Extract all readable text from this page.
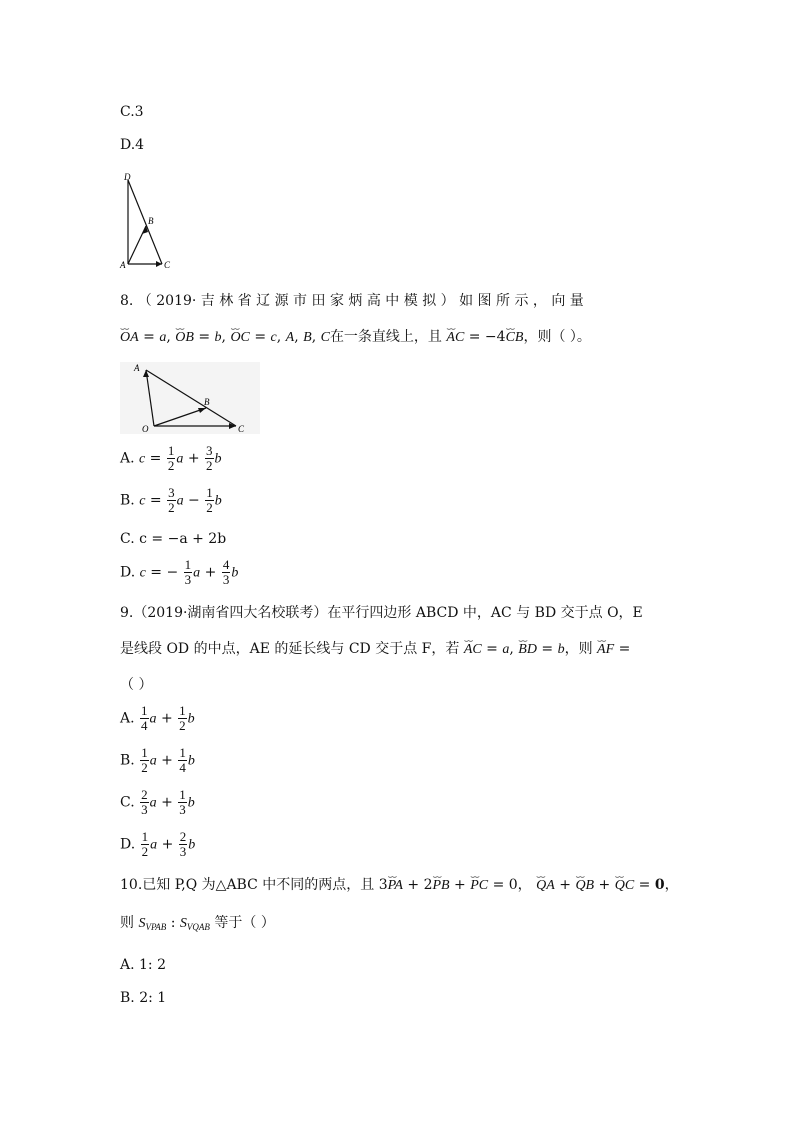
C.3
D.4
D
B
A	C
8. （ 2019· 吉 林 省 辽 源 市 田 家 炳 高 中 模 拟 ） 如 图 所 示 ， 向 量
⌣⌣ OA = a, ⌣⌣ OB = b, ⌣⌣ OC = c, A, B, C在一条直线上，且 ⌣⌣ AC = −4⌣⌣ CB，则（ ）。
A
B
O	C
A. $c = \frac{1}{2}$ $a + \frac{3}{2}$ b
B. $c = \frac{3}{2}$ $a - \frac{1}{2}$ b
C. c = −a + 2b
D. c = − $\frac{1}{3}$ $a + \frac{4}{3}$ b
9.（2019·湖南省四大名校联考）在平行四边形 ABCD 中，AC 与 BD 交于点 O，E
是线段 OD 的中点，AE 的延长线与 CD 交于点 F，若 ⌣⌣ AC = a, ⌣⌣ BD = b，则 ⌣⌣ AF =
（ ）
A. $\frac{1}{4}$ $a + \frac{1}{2}$ b
B. $\frac{1}{2}$ $a + \frac{1}{4}$ b
C. $\frac{2}{3}$ $a + \frac{1}{3}$ b
D. $\frac{1}{2}$ $a + \frac{2}{3}$ b
10.已知 P,Q 为△ABC 中不同的两点，且 3⌣⌣ PA + 2⌣⌣ PB + ⌣⌣ PC = 0， ⌣⌣ QA + ⌣⌣ QB + ⌣⌣ QC = 0，
则 $S_{VPAB}$ : $S_{VQAB}$ 等于（ ）
A. 1: 2
B. 2: 1
